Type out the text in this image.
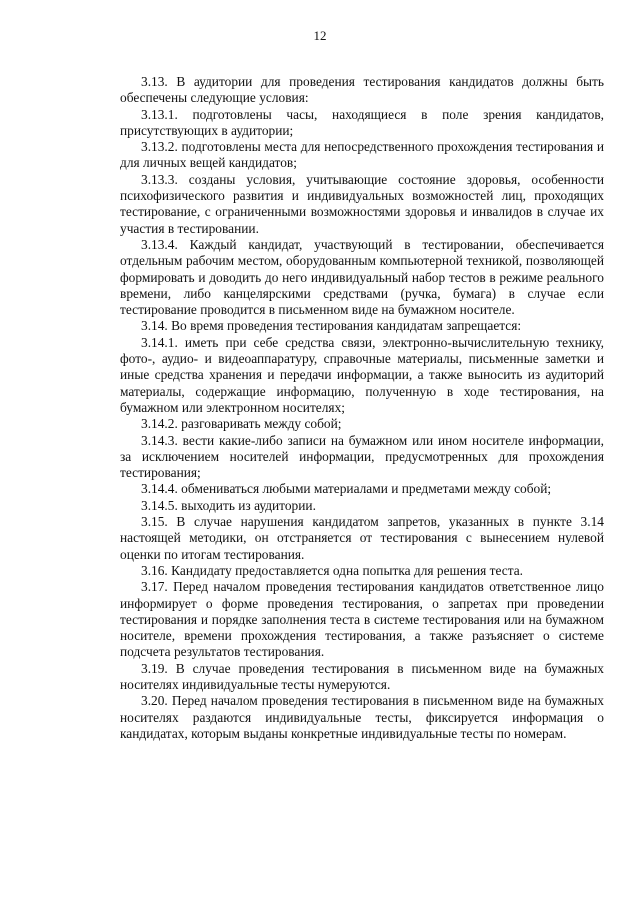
12

3.13. В аудитории для проведения тестирования кандидатов должны быть обеспечены следующие условия:

3.13.1. подготовлены часы, находящиеся в поле зрения кандидатов, присутствующих в аудитории;

3.13.2. подготовлены места для непосредственного прохождения тестирования и для личных вещей кандидатов;

3.13.3. созданы условия, учитывающие состояние здоровья, особенности психофизического развития и индивидуальных возможностей лиц, проходящих тестирование, с ограниченными возможностями здоровья и инвалидов в случае их участия в тестировании.

3.13.4. Каждый кандидат, участвующий в тестировании, обеспечивается отдельным рабочим местом, оборудованным компьютерной техникой, позволяющей формировать и доводить до него индивидуальный набор тестов в режиме реального времени, либо канцелярскими средствами (ручка, бумага) в случае если тестирование проводится в письменном виде на бумажном носителе.

3.14. Во время проведения тестирования кандидатам запрещается:

3.14.1. иметь при себе средства связи, электронно-вычислительную технику, фото-, аудио- и видеоаппаратуру, справочные материалы, письменные заметки и иные средства хранения и передачи информации, а также выносить из аудиторий материалы, содержащие информацию, полученную в ходе тестирования, на бумажном или электронном носителях;

3.14.2. разговаривать между собой;

3.14.3. вести какие-либо записи на бумажном или ином носителе информации, за исключением носителей информации, предусмотренных для прохождения тестирования;

3.14.4. обмениваться любыми материалами и предметами между собой;

3.14.5. выходить из аудитории.

3.15. В случае нарушения кандидатом запретов, указанных в пункте 3.14 настоящей методики, он отстраняется от тестирования с вынесением нулевой оценки по итогам тестирования.

3.16. Кандидату предоставляется одна попытка для решения теста.

3.17. Перед началом проведения тестирования кандидатов ответственное лицо информирует о форме проведения тестирования, о запретах при проведении тестирования и порядке заполнения теста в системе тестирования или на бумажном носителе, времени прохождения тестирования, а также разъясняет о системе подсчета результатов тестирования.

3.19. В случае проведения тестирования в письменном виде на бумажных носителях индивидуальные тесты нумеруются.

3.20. Перед началом проведения тестирования в письменном виде на бумажных носителях раздаются индивидуальные тесты, фиксируется информация о кандидатах, которым выданы конкретные индивидуальные тесты по номерам.
